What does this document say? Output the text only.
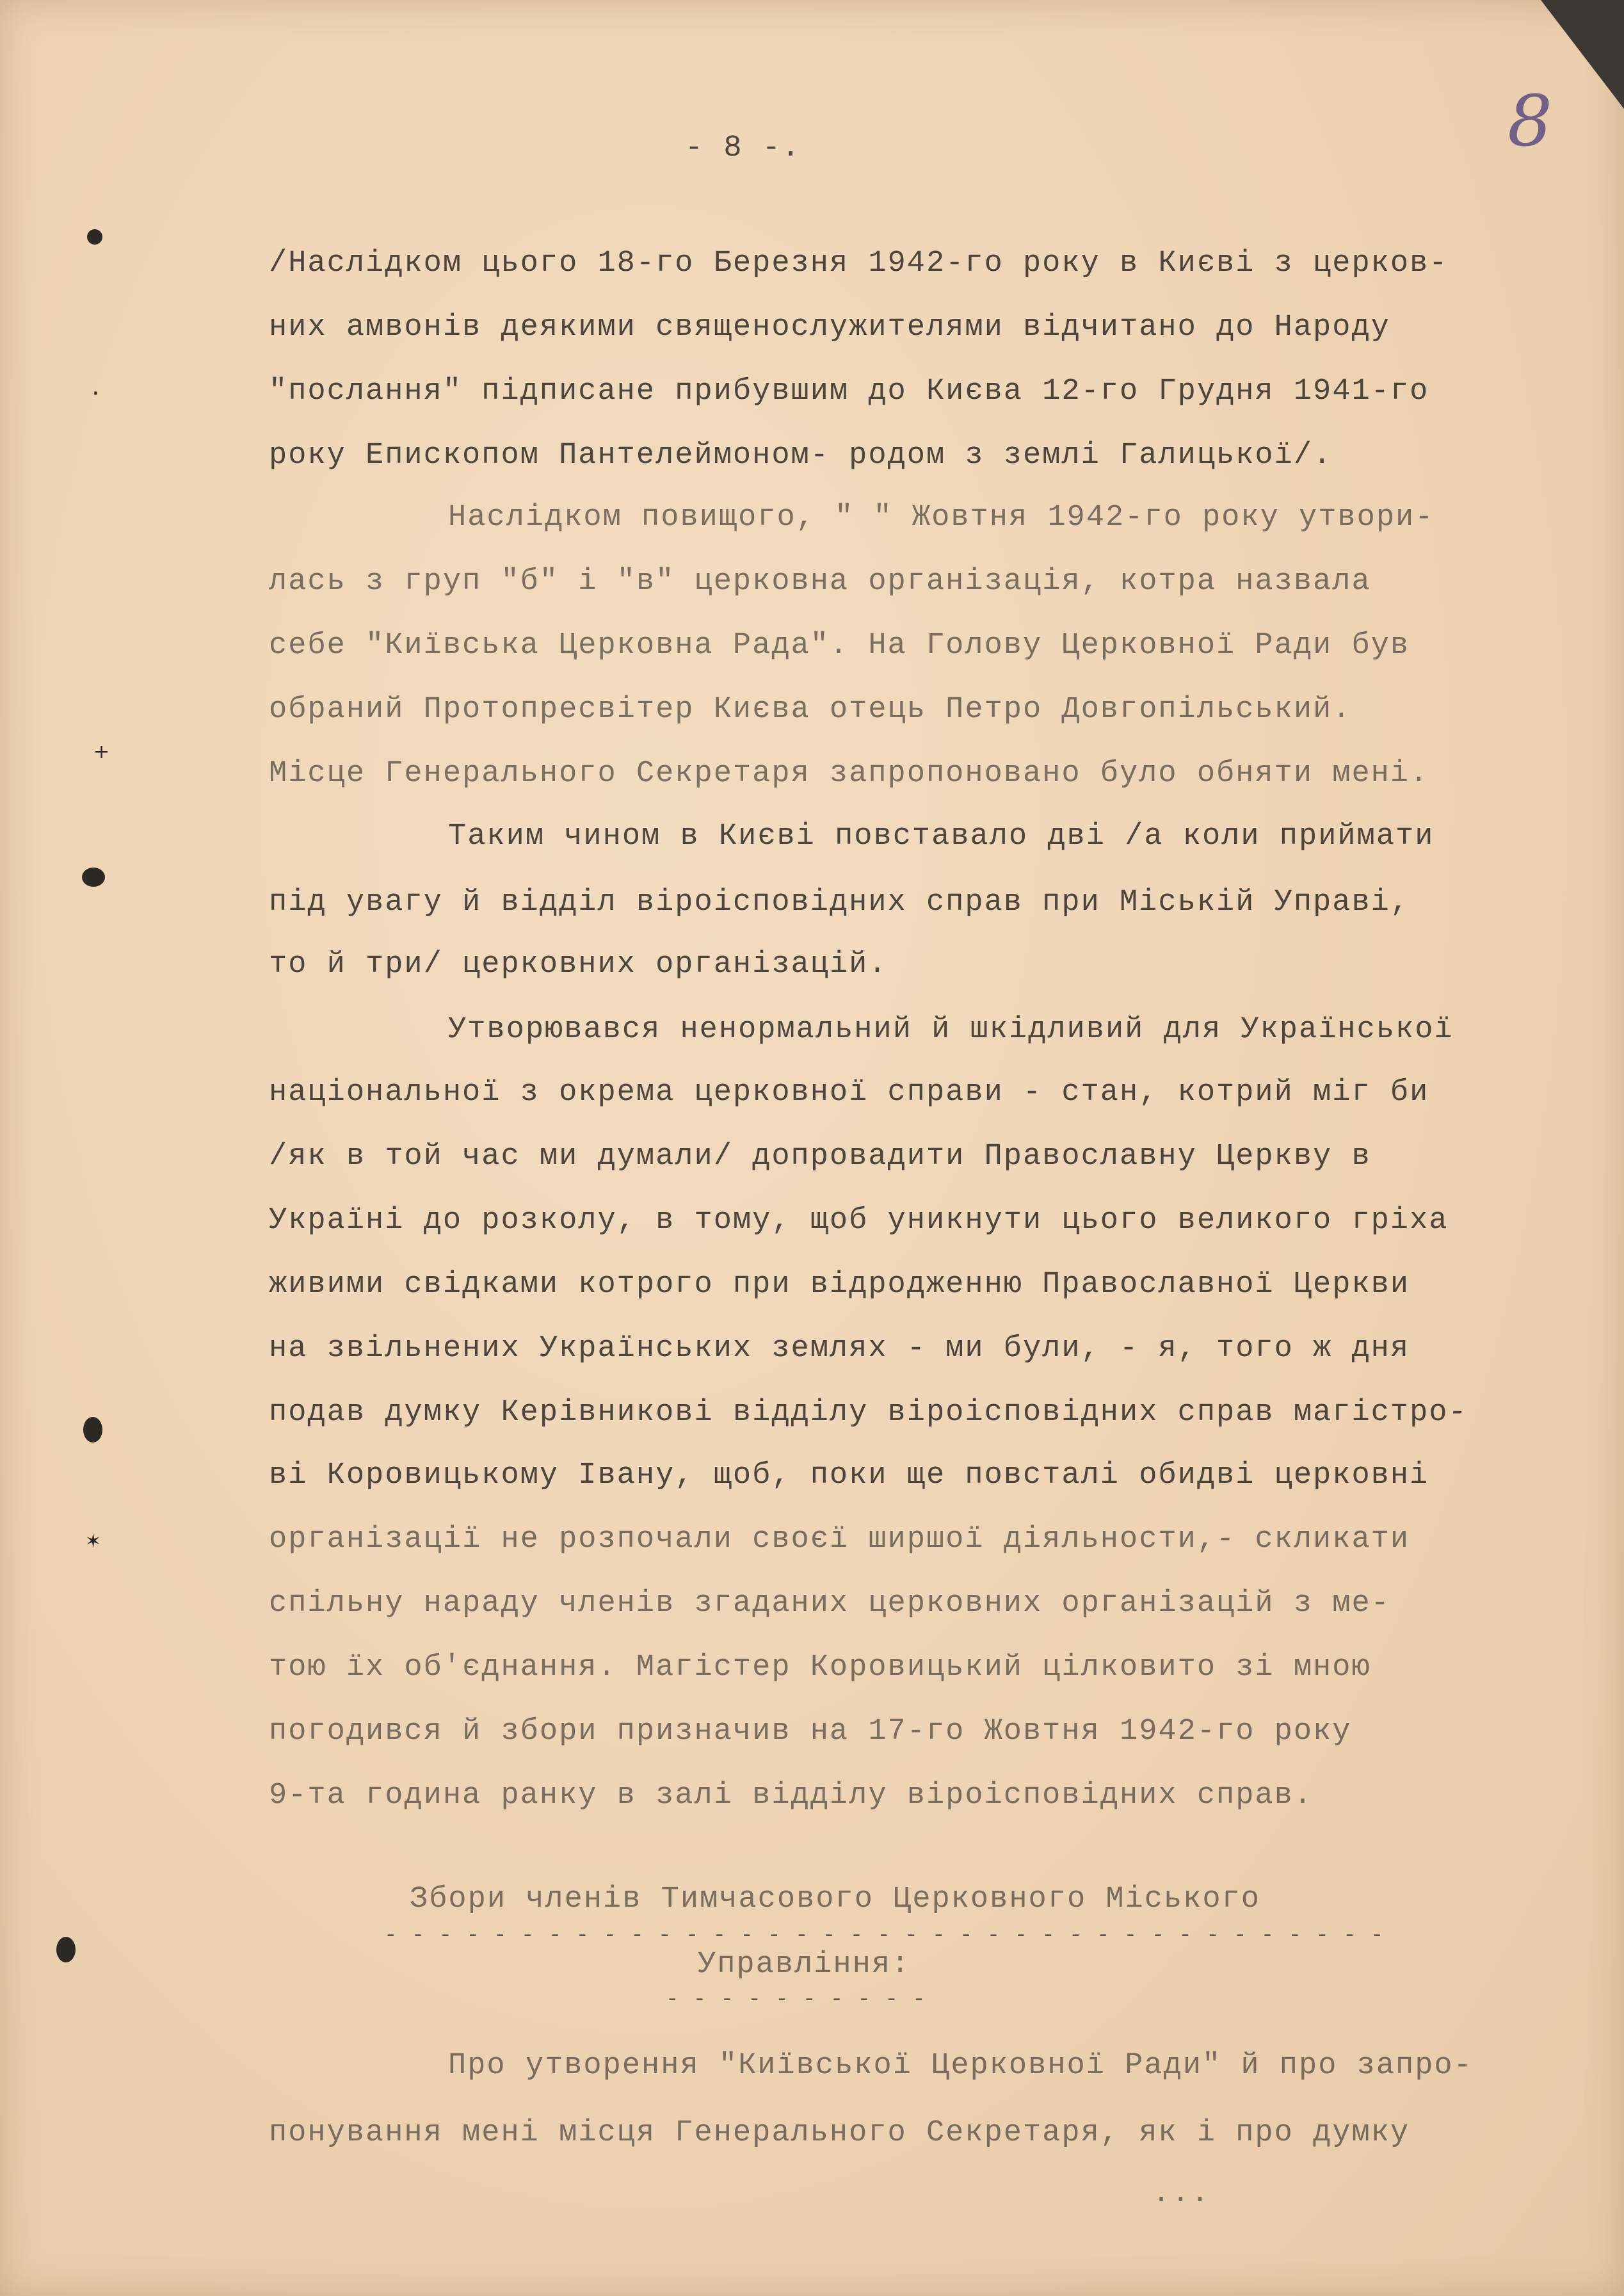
·
+
✶
8
- 8 -.
/Наслідком цього 18-го Березня 1942-го року в Києві з церков-
них амвонів деякими священослужителями відчитано до Народу
"послання" підписане прибувшим до Києва 12-го Грудня 1941-го
року Епископом Пантелеймоном- родом з землі Галицької/.
Наслідком повищого, " " Жовтня 1942-го року утвори-
лась з груп "б" і "в" церковна організація, котра назвала
себе "Київська Церковна Рада". На Голову Церковної Ради був
обраний Протопресвітер Києва отець Петро Довгопільський.
Місце Генерального Секретаря запропоновано було обняти мені.
Таким чином в Києві повставало дві /а коли приймати
під увагу й відділ віроісповідних справ при Міській Управі,
то й три/ церковних організацій.
Утворювався ненормальний й шкідливий для Української
національної з окрема церковної справи - стан, котрий міг би
/як в той час ми думали/ допровадити Православну Церкву в
Україні до розколу, в тому, щоб уникнути цього великого гріха
живими свідками котрого при відродженню Православної Церкви
на звільнених Українських землях - ми були, - я, того ж дня
подав думку Керівникові відділу віроісповідних справ магістро-
ві Коровицькому Івану, щоб, поки ще повсталі обидві церковні
організації не розпочали своєї ширшої діяльности,- скликати
спільну нараду членів згаданих церковних організацій з ме-
тою їх об'єднання. Магістер Коровицький цілковито зі мною
погодився й збори призначив на 17-го Жовтня 1942-го року
9-та година ранку в залі відділу віроісповідних справ.
Збори членів Тимчасового Церковного Міського
- - - - - - - - - - - - - - - - - - - - - - - - - - - - - - - - - - - - -
Управління:
- - - - - - - - - -
Про утворення "Київської Церковної Ради" й про запро-
понування мені місця Генерального Секретаря, як і про думку
...
